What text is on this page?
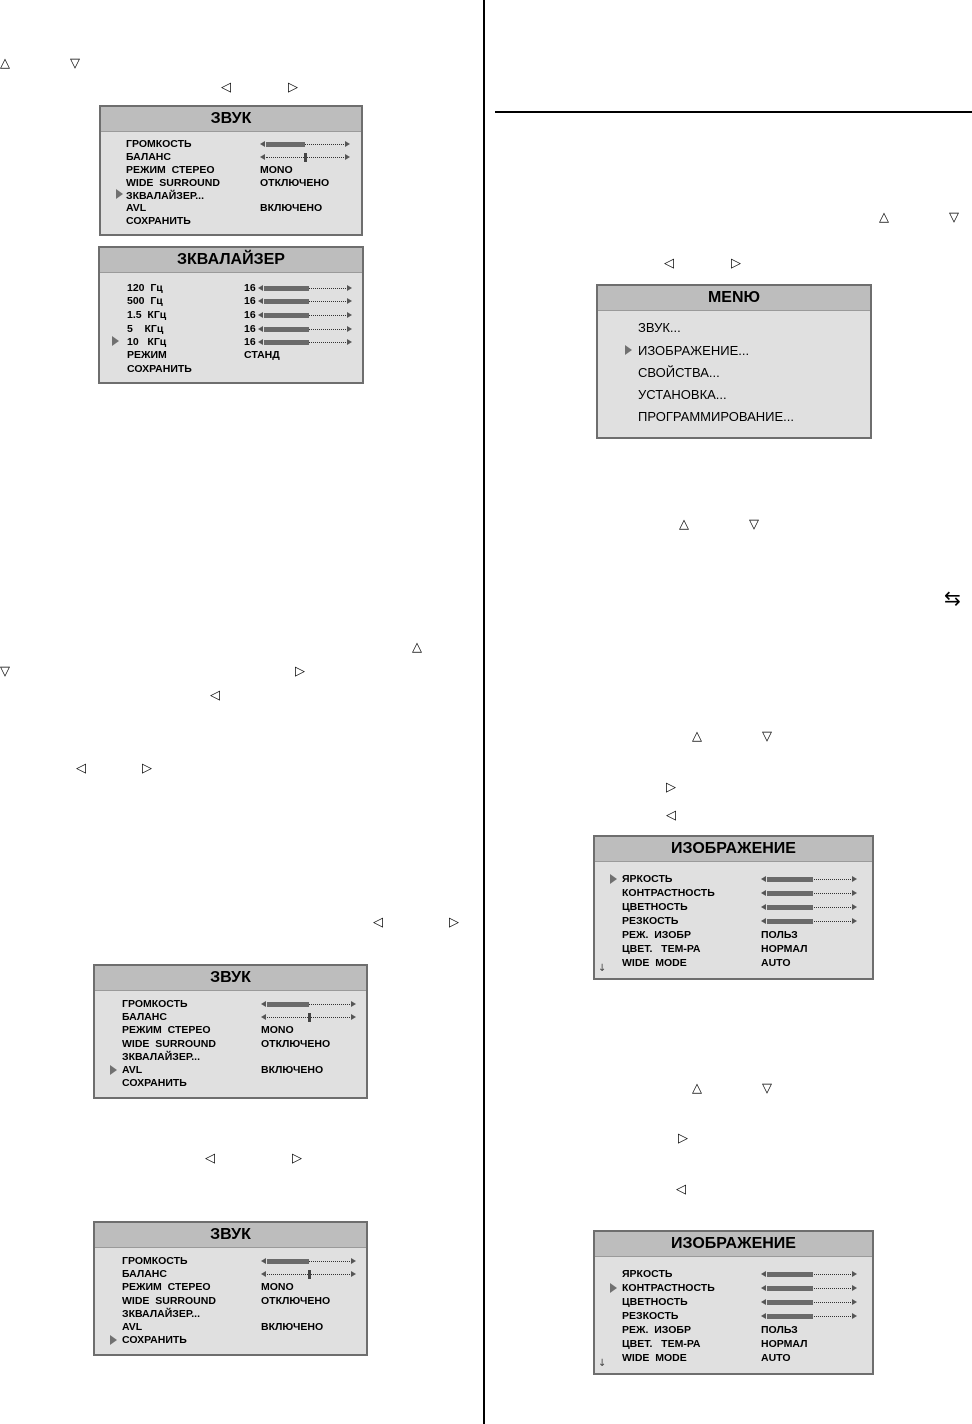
△	▽
◁	▷
ЗВУК
ГРОМКОСТЬ
БАЛАНС
РЕЖИМ  СТЕРЕО	MONO
WIDE  SURROUND	ОТКЛЮЧЕНО
ЗКВАЛАЙЗЕР...
AVL	ВКЛЮЧЕНО
СОХРАНИТЬ
ЗКВАЛАЙЗЕР
120  Гц	16
500  Гц	16
1.5  КГц	16
5    КГц	16
10   КГц	16
РЕЖИМ	СТАНД
СОХРАНИТЬ
△
▽	▷
◁
◁	▷
◁	▷
ЗВУК
ГРОМКОСТЬ
БАЛАНС
РЕЖИМ  СТЕРЕО	MONO
WIDE  SURROUND	ОТКЛЮЧЕНО
ЗКВАЛАЙЗЕР...
AVL	ВКЛЮЧЕНО
СОХРАНИТЬ
◁	▷
ЗВУК
ГРОМКОСТЬ
БАЛАНС
РЕЖИМ  СТЕРЕО	MONO
WIDE  SURROUND	ОТКЛЮЧЕНО
ЗКВАЛАЙЗЕР...
AVL	ВКЛЮЧЕНО
СОХРАНИТЬ
△	▽
◁	▷
MENЮ
ЗВУК...
ИЗОБРАЖЕНИЕ...
СВОЙСТВА...
УСТАНОВКА...
ПРОГРАММИРОВАНИЕ...
△	▽
⇆
△	▽
▷
◁
ИЗОБРАЖЕНИЕ
ЯРКОСТЬ
КОНТРАСТНОСТЬ
ЦВЕТНОСТЬ
РЕЗКОСТЬ
РЕЖ.  ИЗОБР	ПОЛЬЗ
ЦВЕТ.   ТЕМ-РА	НОРМАЛ
WIDE  MODE	AUTO
↓
△	▽
▷
◁
ИЗОБРАЖЕНИЕ
ЯРКОСТЬ
КОНТРАСТНОСТЬ
ЦВЕТНОСТЬ
РЕЗКОСТЬ
РЕЖ.  ИЗОБР	ПОЛЬЗ
ЦВЕТ.   ТЕМ-РА	НОРМАЛ
WIDE  MODE	AUTO
↓
